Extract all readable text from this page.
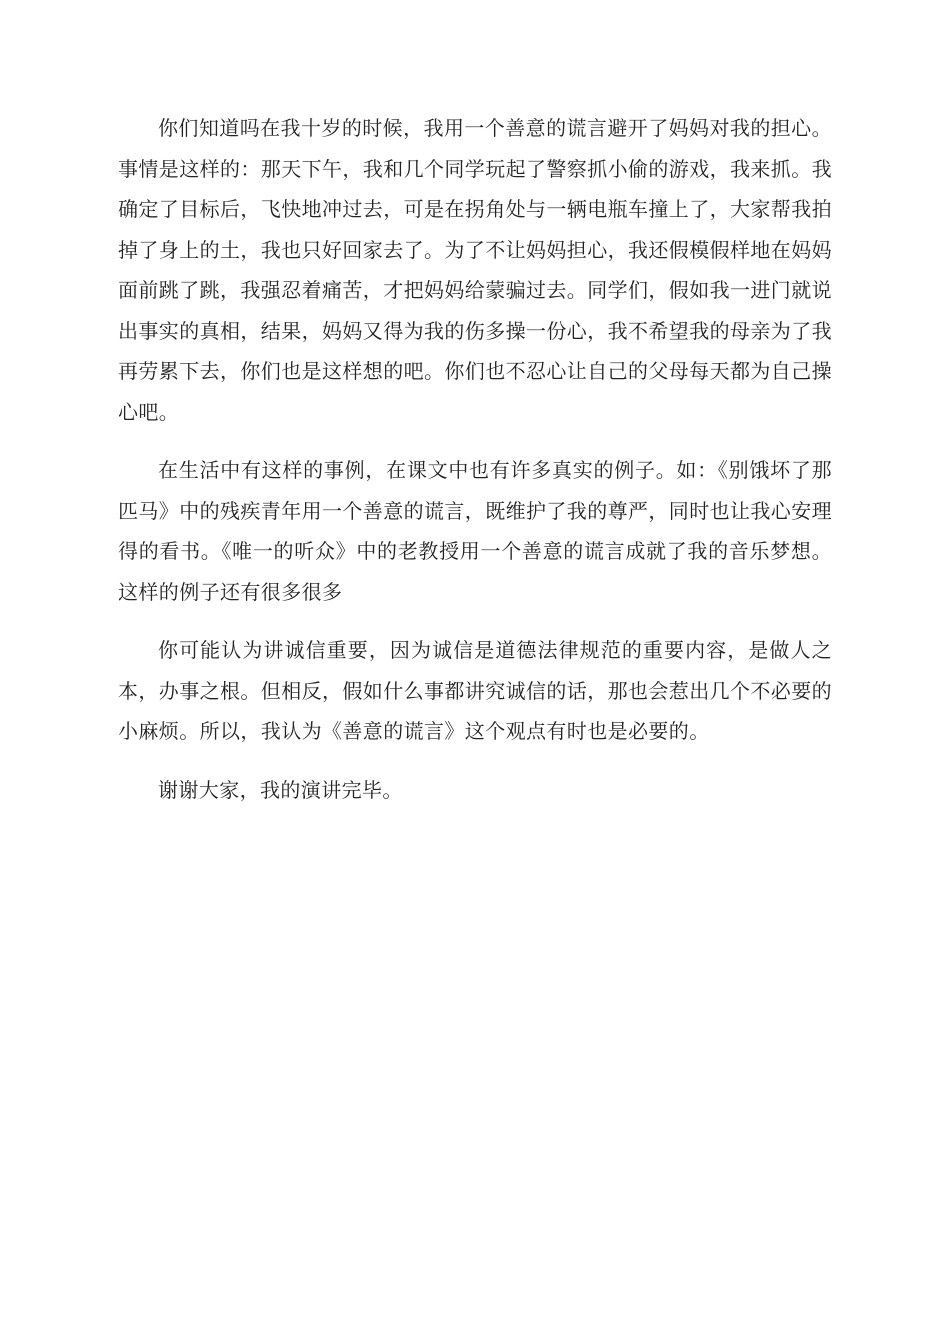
你们知道吗在我十岁的时候，我用一个善意的谎言避开了妈妈对我的担心。事情是这样的：那天下午，我和几个同学玩起了警察抓小偷的游戏，我来抓。我确定了目标后，飞快地冲过去，可是在拐角处与一辆电瓶车撞上了，大家帮我拍掉了身上的土，我也只好回家去了。为了不让妈妈担心，我还假模假样地在妈妈面前跳了跳，我强忍着痛苦，才把妈妈给蒙骗过去。同学们，假如我一进门就说出事实的真相，结果，妈妈又得为我的伤多操一份心，我不希望我的母亲为了我再劳累下去，你们也是这样想的吧。你们也不忍心让自己的父母每天都为自己操心吧。

在生活中有这样的事例，在课文中也有许多真实的例子。如：《别饿坏了那匹马》中的残疾青年用一个善意的谎言，既维护了我的尊严，同时也让我心安理得的看书。《唯一的听众》中的老教授用一个善意的谎言成就了我的音乐梦想。这样的例子还有很多很多

你可能认为讲诚信重要，因为诚信是道德法律规范的重要内容，是做人之本，办事之根。但相反，假如什么事都讲究诚信的话，那也会惹出几个不必要的小麻烦。所以，我认为《善意的谎言》这个观点有时也是必要的。

谢谢大家，我的演讲完毕。
